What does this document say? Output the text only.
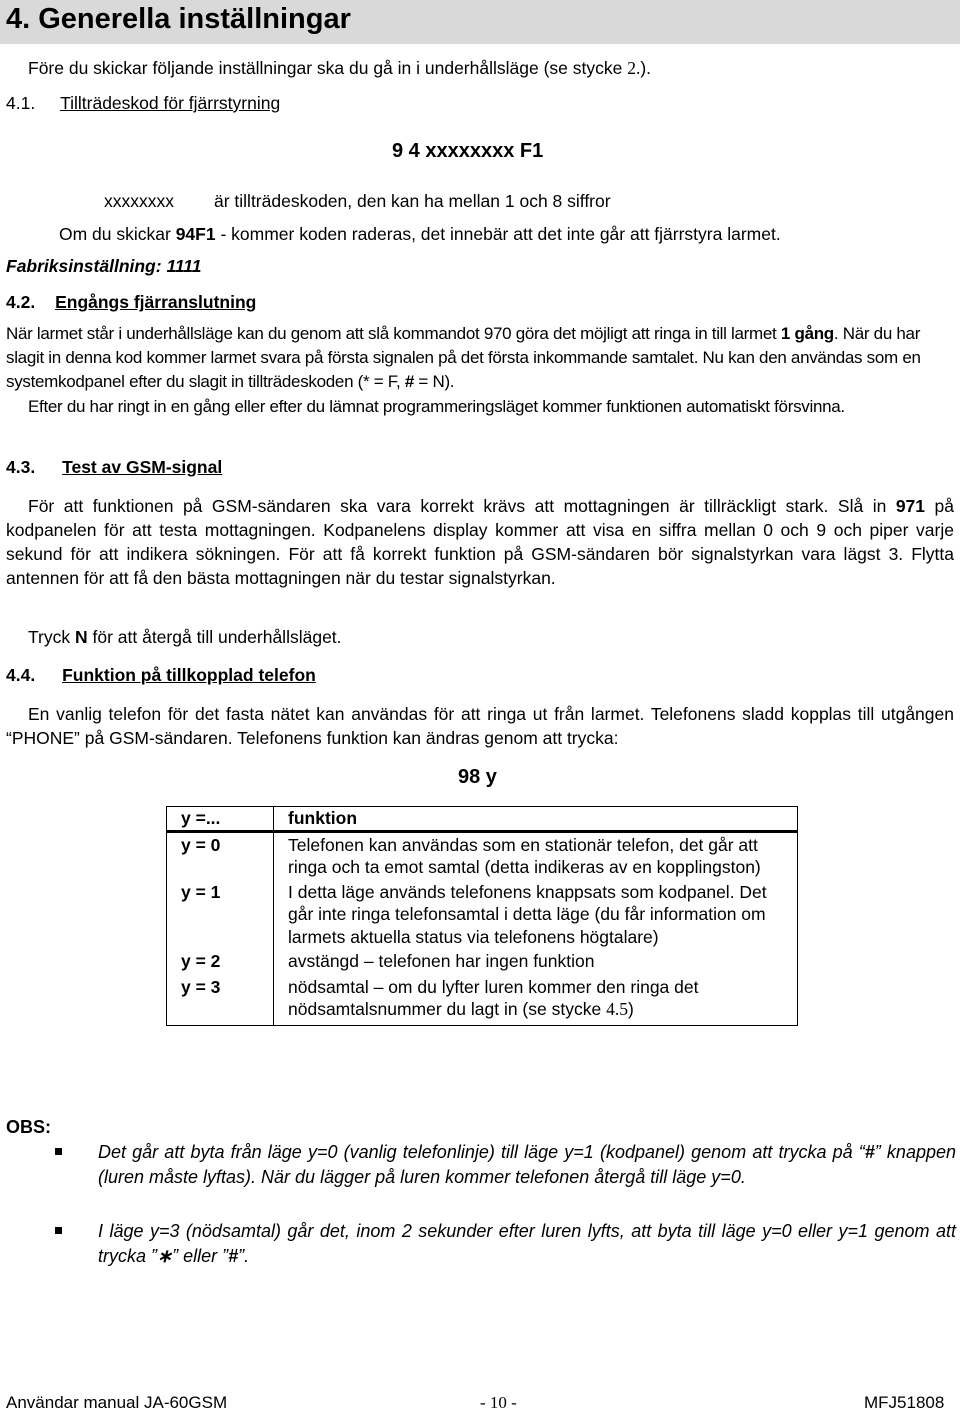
4. Generella inställningar
Före du skickar följande inställningar ska du gå in i underhållsläge (se stycke 2.).
4.1. Tillträdeskod för fjärrstyrning
9 4 xxxxxxxx F1
xxxxxxxx är tillträdeskoden, den kan ha mellan 1 och 8 siffror
Om du skickar 94F1 - kommer koden raderas, det innebär att det inte går att fjärrstyra larmet.
Fabriksinställning: 1111
4.2. Engångs fjärranslutning
När larmet står i underhållsläge kan du genom att slå kommandot 970 göra det möjligt att ringa in till larmet 1 gång. När du har slagit in denna kod kommer larmet svara på första signalen på det första inkommande samtalet. Nu kan den användas som en systemkodpanel efter du slagit in tillträdeskoden (* = F, # = N).
Efter du har ringt in en gång eller efter du lämnat programmeringsläget kommer funktionen automatiskt försvinna.
4.3. Test av GSM-signal
För att funktionen på GSM-sändaren ska vara korrekt krävs att mottagningen är tillräckligt stark. Slå in 971 på kodpanelen för att testa mottagningen. Kodpanelens display kommer att visa en siffra mellan 0 och 9 och piper varje sekund för att indikera sökningen. För att få korrekt funktion på GSM-sändaren bör signalstyrkan vara lägst 3. Flytta antennen för att få den bästa mottagningen när du testar signalstyrkan.
Tryck N för att återgå till underhållsläget.
4.4. Funktion på tillkopplad telefon
En vanlig telefon för det fasta nätet kan användas för att ringa ut från larmet. Telefonens sladd kopplas till utgången “PHONE” på GSM-sändaren. Telefonens funktion kan ändras genom att trycka:
98 y
y =...	funktion
y = 0	Telefonen kan användas som en stationär telefon, det går att ringa och ta emot samtal (detta indikeras av en kopplingston)
y = 1	I detta läge används telefonens knappsats som kodpanel. Det går inte ringa telefonsamtal i detta läge (du får information om larmets aktuella status via telefonens högtalare)
y = 2	avstängd – telefonen har ingen funktion
y = 3	nödsamtal – om du lyfter luren kommer den ringa det nödsamtalsnummer du lagt in (se stycke 4.5)
OBS:
Det går att byta från läge y=0 (vanlig telefonlinje) till läge y=1 (kodpanel) genom att trycka på “#” knappen (luren måste lyftas). När du lägger på luren kommer telefonen återgå till läge y=0.
I läge y=3 (nödsamtal) går det, inom 2 sekunder efter luren lyfts, att byta till läge y=0 eller y=1 genom att trycka ”∗” eller ”#”.
Användar manual JA-60GSM	- 10 -	MFJ51808
